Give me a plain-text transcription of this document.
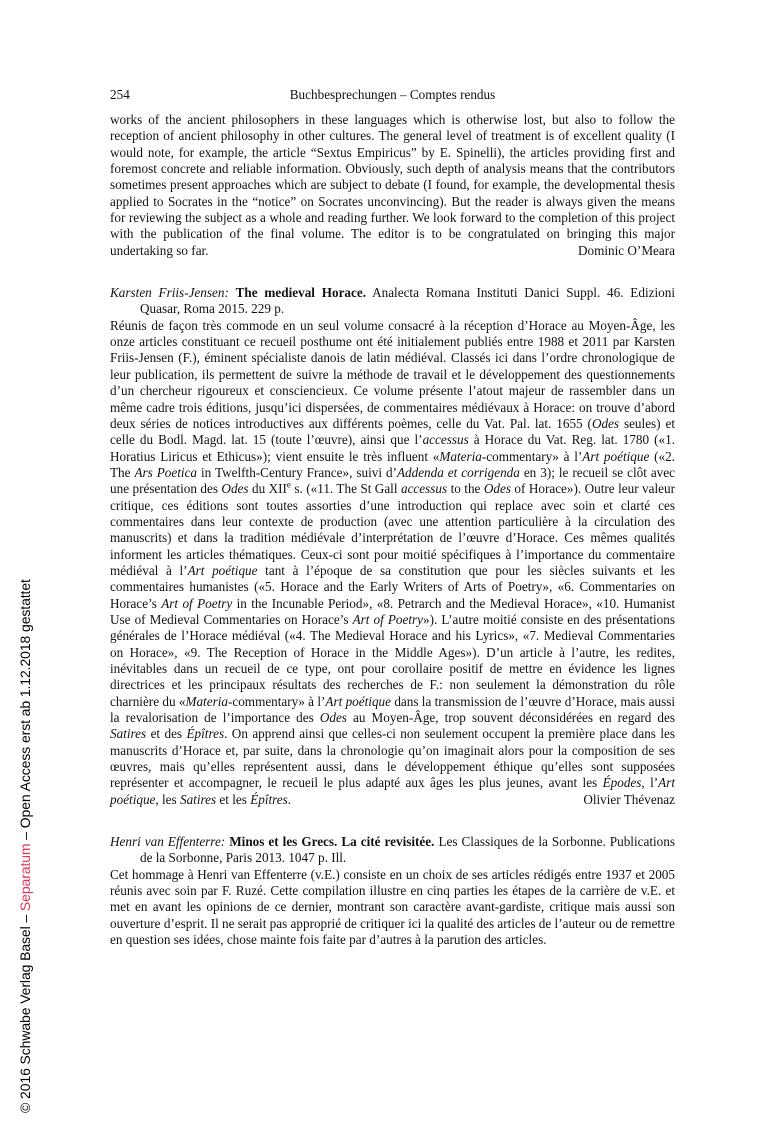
© 2016 Schwabe Verlag Basel – Separatum – Open Access erst ab 1.12.2018 gestattet
254	Buchbesprechungen – Comptes rendus

works of the ancient philosophers in these languages which is otherwise lost, but also to follow the reception of ancient philosophy in other cultures. The general level of treatment is of excellent quality (I would note, for example, the article “Sextus Empiricus” by E. Spinelli), the articles providing first and foremost concrete and reliable information. Obviously, such depth of analysis means that the contributors sometimes present approaches which are subject to debate (I found, for example, the developmental thesis applied to Socrates in the “notice” on Socrates unconvincing). But the reader is always given the means for reviewing the subject as a whole and reading further. We look forward to the completion of this project with the publication of the final volume. The editor is to be congratulated on bringing this major undertaking so far.	Dominic O’Meara

Karsten Friis-Jensen: The medieval Horace. Analecta Romana Instituti Danici Suppl. 46. Edizioni Quasar, Roma 2015. 229 p.

Réunis de façon très commode en un seul volume consacré à la réception d’Horace au Moyen-Âge, les onze articles constituant ce recueil posthume ont été initialement publiés entre 1988 et 2011 par Karsten Friis-Jensen (F.), éminent spécialiste danois de latin médiéval. Classés ici dans l’ordre chronologique de leur publication, ils permettent de suivre la méthode de travail et le développement des questionnements d’un chercheur rigoureux et consciencieux. Ce volume présente l’atout majeur de rassembler dans un même cadre trois éditions, jusqu’ici dispersées, de commentaires médiévaux à Horace: on trouve d’abord deux séries de notices introductives aux différents poèmes, celle du Vat. Pal. lat. 1655 (Odes seules) et celle du Bodl. Magd. lat. 15 (toute l’œuvre), ainsi que l’accessus à Horace du Vat. Reg. lat. 1780 («1. Horatius Liricus et Ethicus»); vient ensuite le très influent «Materia-commentary» à l’Art poétique («2. The Ars Poetica in Twelfth-Century France», suivi d’Addenda et corrigenda en 3); le recueil se clôt avec une présentation des Odes du XIIe s. («11. The St Gall accessus to the Odes of Horace»). Outre leur valeur critique, ces éditions sont toutes assorties d’une introduction qui replace avec soin et clarté ces commentaires dans leur contexte de production (avec une attention particulière à la circulation des manuscrits) et dans la tradition médiévale d’interprétation de l’œuvre d’Horace. Ces mêmes qualités informent les articles thématiques. Ceux-ci sont pour moitié spécifiques à l’importance du commentaire médiéval à l’Art poétique tant à l’époque de sa constitution que pour les siècles suivants et les commentaires humanistes («5. Horace and the Early Writers of Arts of Poetry», «6. Commentaries on Horace’s Art of Poetry in the Incunable Period», «8. Petrarch and the Medieval Horace», «10. Humanist Use of Medieval Commentaries on Horace’s Art of Poetry»). L’autre moitié consiste en des présentations générales de l’Horace médiéval («4. The Medieval Horace and his Lyrics», «7. Medieval Commentaries on Horace», «9. The Reception of Horace in the Middle Ages»). D’un article à l’autre, les redites, inévitables dans un recueil de ce type, ont pour corollaire positif de mettre en évidence les lignes directrices et les principaux résultats des recherches de F.: non seulement la démonstration du rôle charnière du «Materia-commentary» à l’Art poétique dans la transmission de l’œuvre d’Horace, mais aussi la revalorisation de l’importance des Odes au Moyen-Âge, trop souvent déconsidérées en regard des Satires et des Épîtres. On apprend ainsi que celles-ci non seulement occupent la première place dans les manuscrits d’Horace et, par suite, dans la chronologie qu’on imaginait alors pour la composition de ses œuvres, mais qu’elles représentent aussi, dans le développement éthique qu’elles sont supposées représenter et accompagner, le recueil le plus adapté aux âges les plus jeunes, avant les Épodes, l’Art poétique, les Satires et les Épîtres.	Olivier Thévenaz

Henri van Effenterre: Minos et les Grecs. La cité revisitée. Les Classiques de la Sorbonne. Publications de la Sorbonne, Paris 2013. 1047 p. Ill.

Cet hommage à Henri van Effenterre (v.E.) consiste en un choix de ses articles rédigés entre 1937 et 2005 réunis avec soin par F. Ruzé. Cette compilation illustre en cinq parties les étapes de la carrière de v.E. et met en avant les opinions de ce dernier, montrant son caractère avant-gardiste, critique mais aussi son ouverture d’esprit. Il ne serait pas approprié de critiquer ici la qualité des articles de l’auteur ou de remettre en question ses idées, chose mainte fois faite par d’autres à la parution des articles.
